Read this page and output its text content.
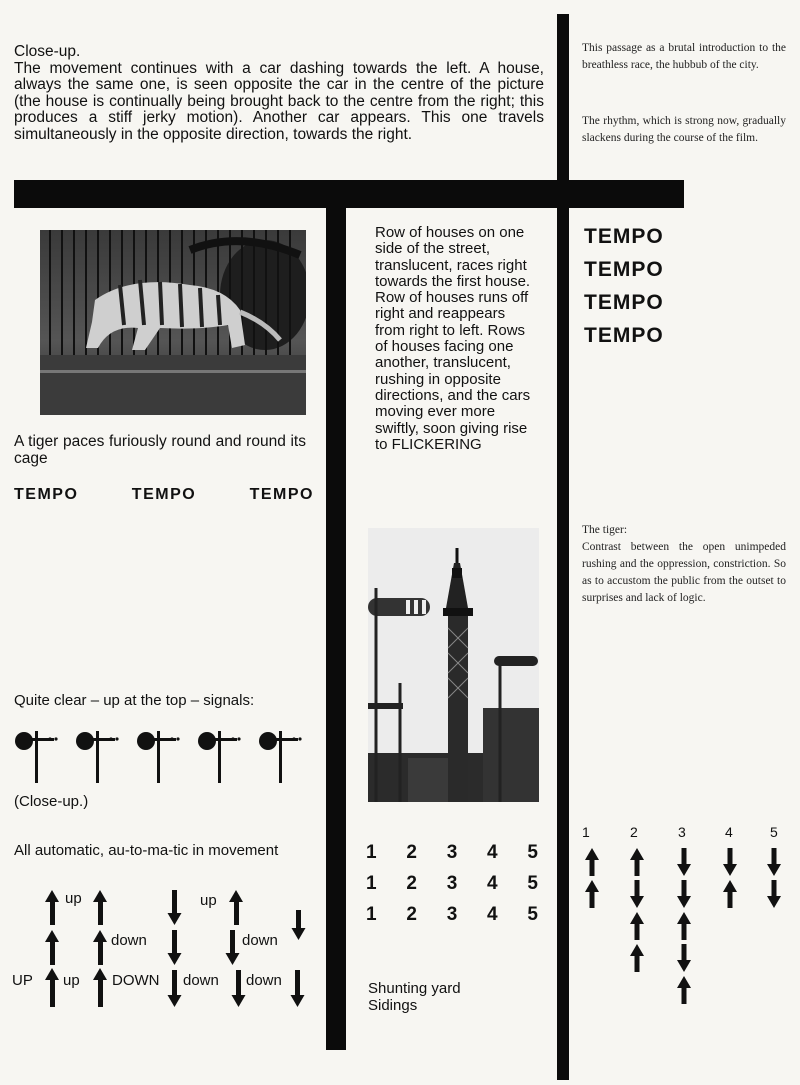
Close-up.

The movement continues with a car dashing towards the left. A house, always the same one, is seen opposite the car in the centre of the picture (the house is continually being brought back to the centre from the right; this produces a stiff jerky motion). Another car appears. This one travels simultaneously in the opposite direction, towards the right.

This passage as a brutal introduction to the breathless race, the hubbub of the city.

The rhythm, which is strong now, gradually slackens during the course of the film.

TEMPO
TEMPO
TEMPO
TEMPO

A tiger paces furiously round and round its cage

TEMPO	TEMPO	TEMPO

Row of houses on one side of the street, translucent, races right towards the first house. Row of houses runs off right and reappears from right to left. Rows of houses facing one another, translucent, rushing in opposite directions, and the cars moving ever more swiftly, soon giving rise to FLICKERING

The tiger:

Contrast between the open unimpeded rushing and the oppression, constriction. So as to accustom the public from the outset to surprises and lack of logic.

Quite clear – up at the top – signals:

(Close-up.)

All automatic, au-to-ma-tic in movement

up	up
down	down
UP up DOWN down down
1 2 3 4 5
1 2 3 4 5
1 2 3 4 5
Shunting yard
Sidings
1	2	3	4	5
